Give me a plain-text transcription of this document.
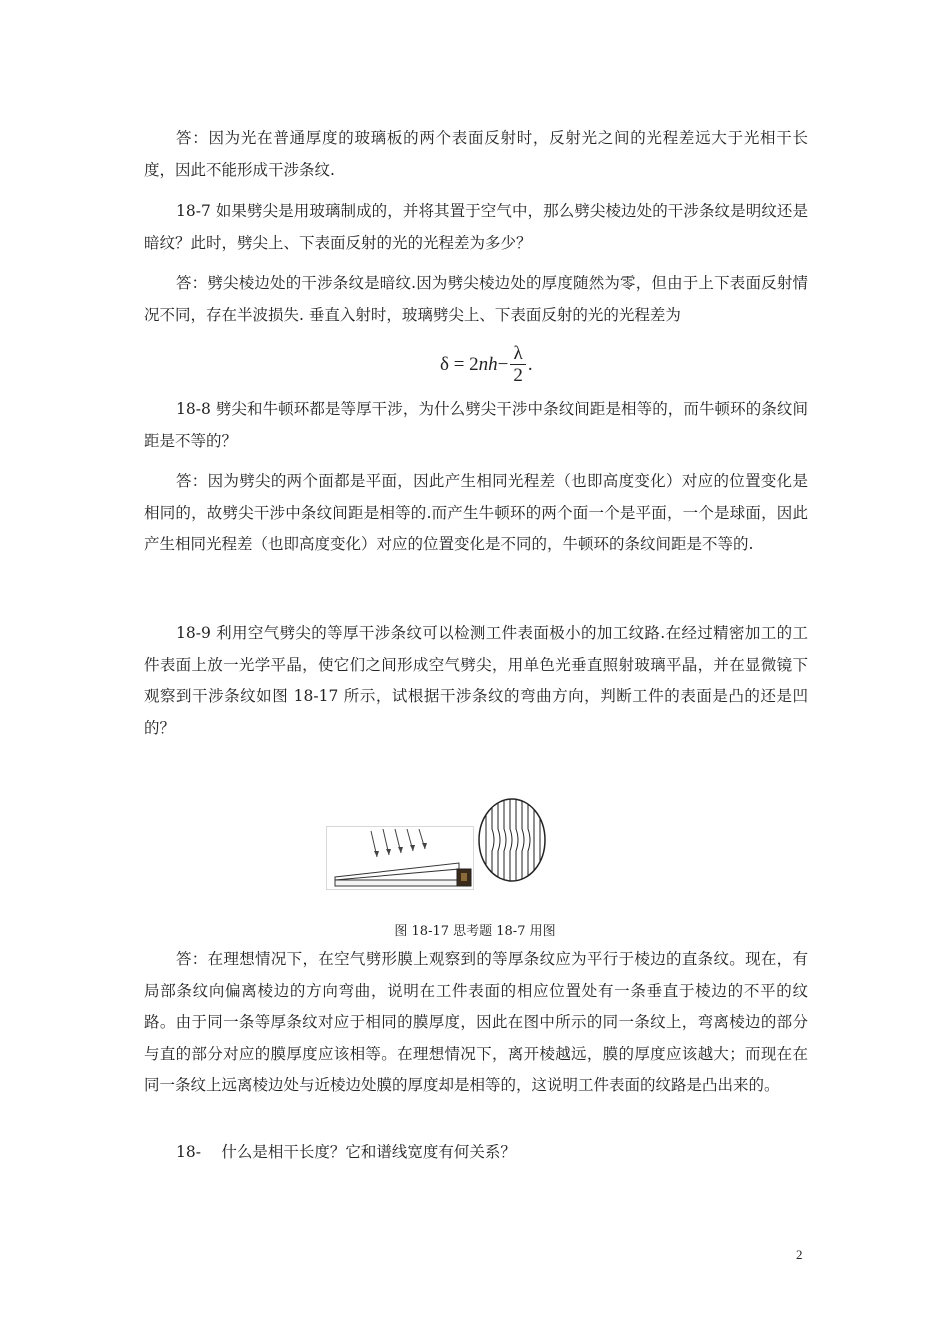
答：因为光在普通厚度的玻璃板的两个表面反射时，反射光之间的光程差远大于光相干长度，因此不能形成干涉条纹.

18-7 如果劈尖是用玻璃制成的，并将其置于空气中，那么劈尖棱边处的干涉条纹是明纹还是暗纹？此时，劈尖上、下表面反射的光的光程差为多少？

答：劈尖棱边处的干涉条纹是暗纹.因为劈尖棱边处的厚度随然为零，但由于上下表面反射情况不同，存在半波损失. 垂直入射时，玻璃劈尖上、下表面反射的光的光程差为

δ = 2 nh − $\frac{\lambda}{2}$ .

18-8 劈尖和牛顿环都是等厚干涉，为什么劈尖干涉中条纹间距是相等的，而牛顿环的条纹间距是不等的？

答：因为劈尖的两个面都是平面，因此产生相同光程差（也即高度变化）对应的位置变化是相同的，故劈尖干涉中条纹间距是相等的.而产生牛顿环的两个面一个是平面，一个是球面，因此产生相同光程差（也即高度变化）对应的位置变化是不同的，牛顿环的条纹间距是不等的.

18-9 利用空气劈尖的等厚干涉条纹可以检测工件表面极小的加工纹路.在经过精密加工的工件表面上放一光学平晶，使它们之间形成空气劈尖，用单色光垂直照射玻璃平晶，并在显微镜下观察到干涉条纹如图 18-17 所示，试根据干涉条纹的弯曲方向，判断工件的表面是凸的还是凹的？

图 18-17 思考题 18-7 用图

答：在理想情况下，在空气劈形膜上观察到的等厚条纹应为平行于棱边的直条纹。现在，有局部条纹向偏离棱边的方向弯曲，说明在工件表面的相应位置处有一条垂直于棱边的不平的纹路。由于同一条等厚条纹对应于相同的膜厚度，因此在图中所示的同一条纹上，弯离棱边的部分与直的部分对应的膜厚度应该相等。在理想情况下，离开棱越远，膜的厚度应该越大；而现在在同一条纹上远离棱边处与近棱边处膜的厚度却是相等的，这说明工件表面的纹路是凸出来的。

18-　 什么是相干长度？它和谱线宽度有何关系？

2
